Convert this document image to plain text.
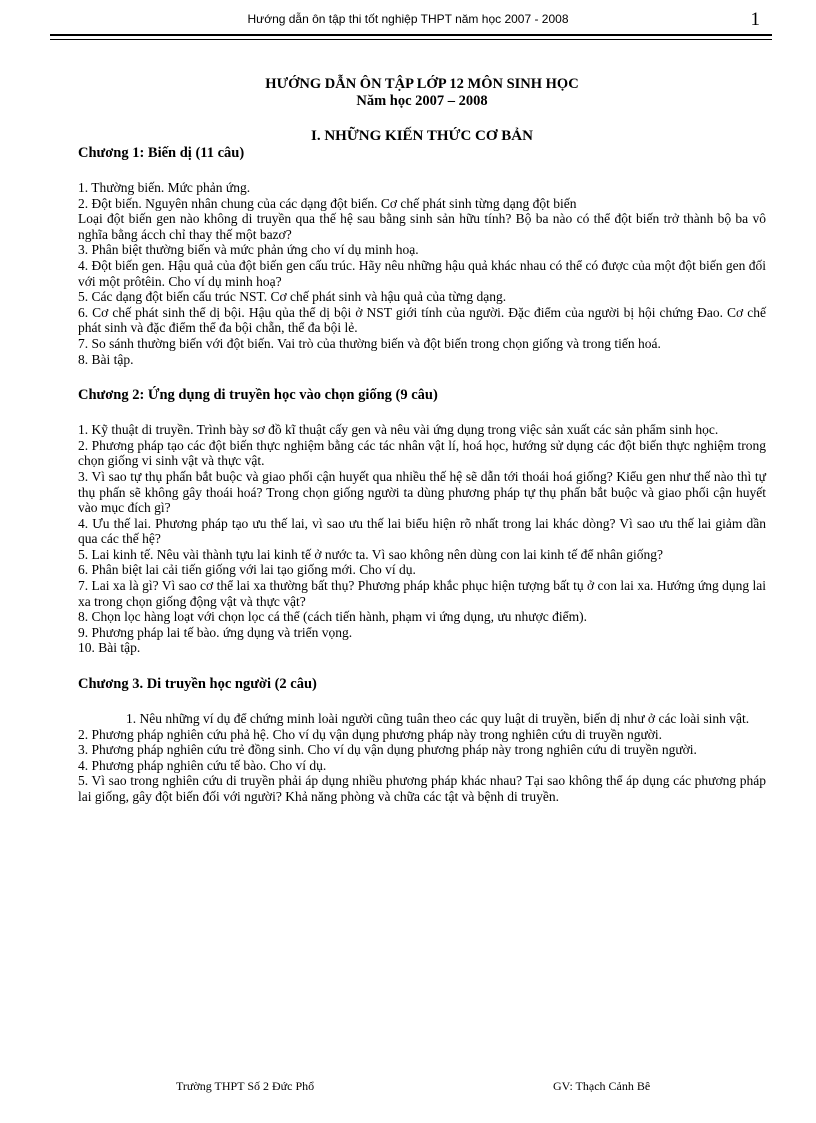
Hướng dẫn ôn tập thi tốt nghiệp THPT năm học 2007 - 2008	1
HƯỚNG DẪN ÔN TẬP LỚP 12 MÔN SINH HỌC
Năm học 2007 – 2008
I. NHỮNG KIẾN THỨC CƠ BẢN
Chương 1: Biến dị (11 câu)

1. Thường biến. Mức phản ứng.

2. Đột biến. Nguyên nhân chung của các dạng đột biến. Cơ chế phát sinh từng dạng đột biến

Loại đột biến gen nào không di truyền qua thế hệ sau bằng sinh sản hữu tính? Bộ ba nào có thể đột biến trở thành bộ ba vô nghĩa bằng ácch chỉ thay thế một bazơ?

3. Phân biệt thường biến và mức phản ứng cho ví dụ minh hoạ.

4. Đột biến gen. Hậu quả của đột biến gen cấu trúc. Hãy nêu những hậu quả khác nhau có thể có được của một đột biến gen đối với một prôtêin. Cho ví dụ minh hoạ?

5. Các dạng đột biến cấu trúc NST. Cơ chế phát sinh và hậu quả của từng dạng.

6. Cơ chế phát sinh thể dị bội. Hậu qủa thể dị bội ở NST giới tính của người. Đặc điểm của người bị hội chứng Đao. Cơ chế phát sinh và đặc điểm thể đa bội chẵn, thể đa bội lẻ.

7. So sánh thường biến với đột biến. Vai trò của thường biến và đột biến trong chọn giống và trong tiến hoá.

8. Bài tập.

Chương 2: Ứng dụng di truyền học vào chọn giống (9 câu)

1. Kỹ thuật di truyền. Trình bày sơ đồ kĩ thuật cấy gen và nêu vài ứng dụng trong việc sản xuất các sản phẩm sinh học.

2. Phương pháp tạo các đột biến thực nghiệm bằng các tác nhân vật lí, hoá học, hướng sử dụng các đột biến thực nghiệm trong chọn giống vi sinh vật và thực vật.

3. Vì sao tự thụ phấn bắt buộc và giao phối cận huyết qua nhiều thế hệ sẽ dẫn tới thoái hoá giống? Kiểu gen như thế nào thì tự thụ phấn sẽ không gây thoái hoá? Trong chọn giống người ta dùng phương pháp tự thụ phấn bắt buộc và giao phối cận huyết vào mục đích gì?

4. Ưu thế lai. Phương pháp tạo ưu thế lai, vì sao ưu thế lai biểu hiện rõ nhất trong lai khác dòng? Vì sao ưu thế lai giảm dần qua các thế hệ?

5. Lai kinh tế. Nêu vài thành tựu lai kinh tế ở nước ta. Vì sao không nên dùng con lai kinh tế để nhân giống?

6. Phân biệt lai cải tiến giống với lai tạo giống mới. Cho ví dụ.

7. Lai xa là gì? Vì sao cơ thể lai xa thường bất thụ? Phương pháp khắc phục hiện tượng bất tụ ở con lai xa. Hướng ứng dụng lai xa trong chọn giống động vật và thực vật?

8. Chọn lọc hàng loạt với chọn lọc cá thể (cách tiến hành, phạm vi ứng dụng, ưu nhược điểm).

9. Phương pháp lai tế bào. ứng dụng và triển vọng.

10. Bài tập.

Chương 3. Di truyền học người (2 câu)

1. Nêu những ví dụ để chứng minh loài người cũng tuân theo các quy luật di truyền, biến dị như ở các loài sinh vật.

2. Phương pháp nghiên cứu phả hệ. Cho ví dụ vận dụng phương pháp này trong nghiên cứu di truyền người.

3. Phương pháp nghiên cứu trẻ đồng sinh. Cho ví dụ vận dụng phương pháp này trong nghiên cứu di truyền người.

4. Phương pháp nghiên cứu tế bào. Cho ví dụ.

5. Vì sao trong nghiên cứu di truyền phải áp dụng nhiều phương pháp khác nhau? Tại sao không thể áp dụng các phương pháp lai giống, gây đột biến đối với người? Khả năng phòng và chữa các tật và bệnh di truyền.

Trường THPT Số 2 Đức Phổ	GV: Thạch Cảnh Bê
